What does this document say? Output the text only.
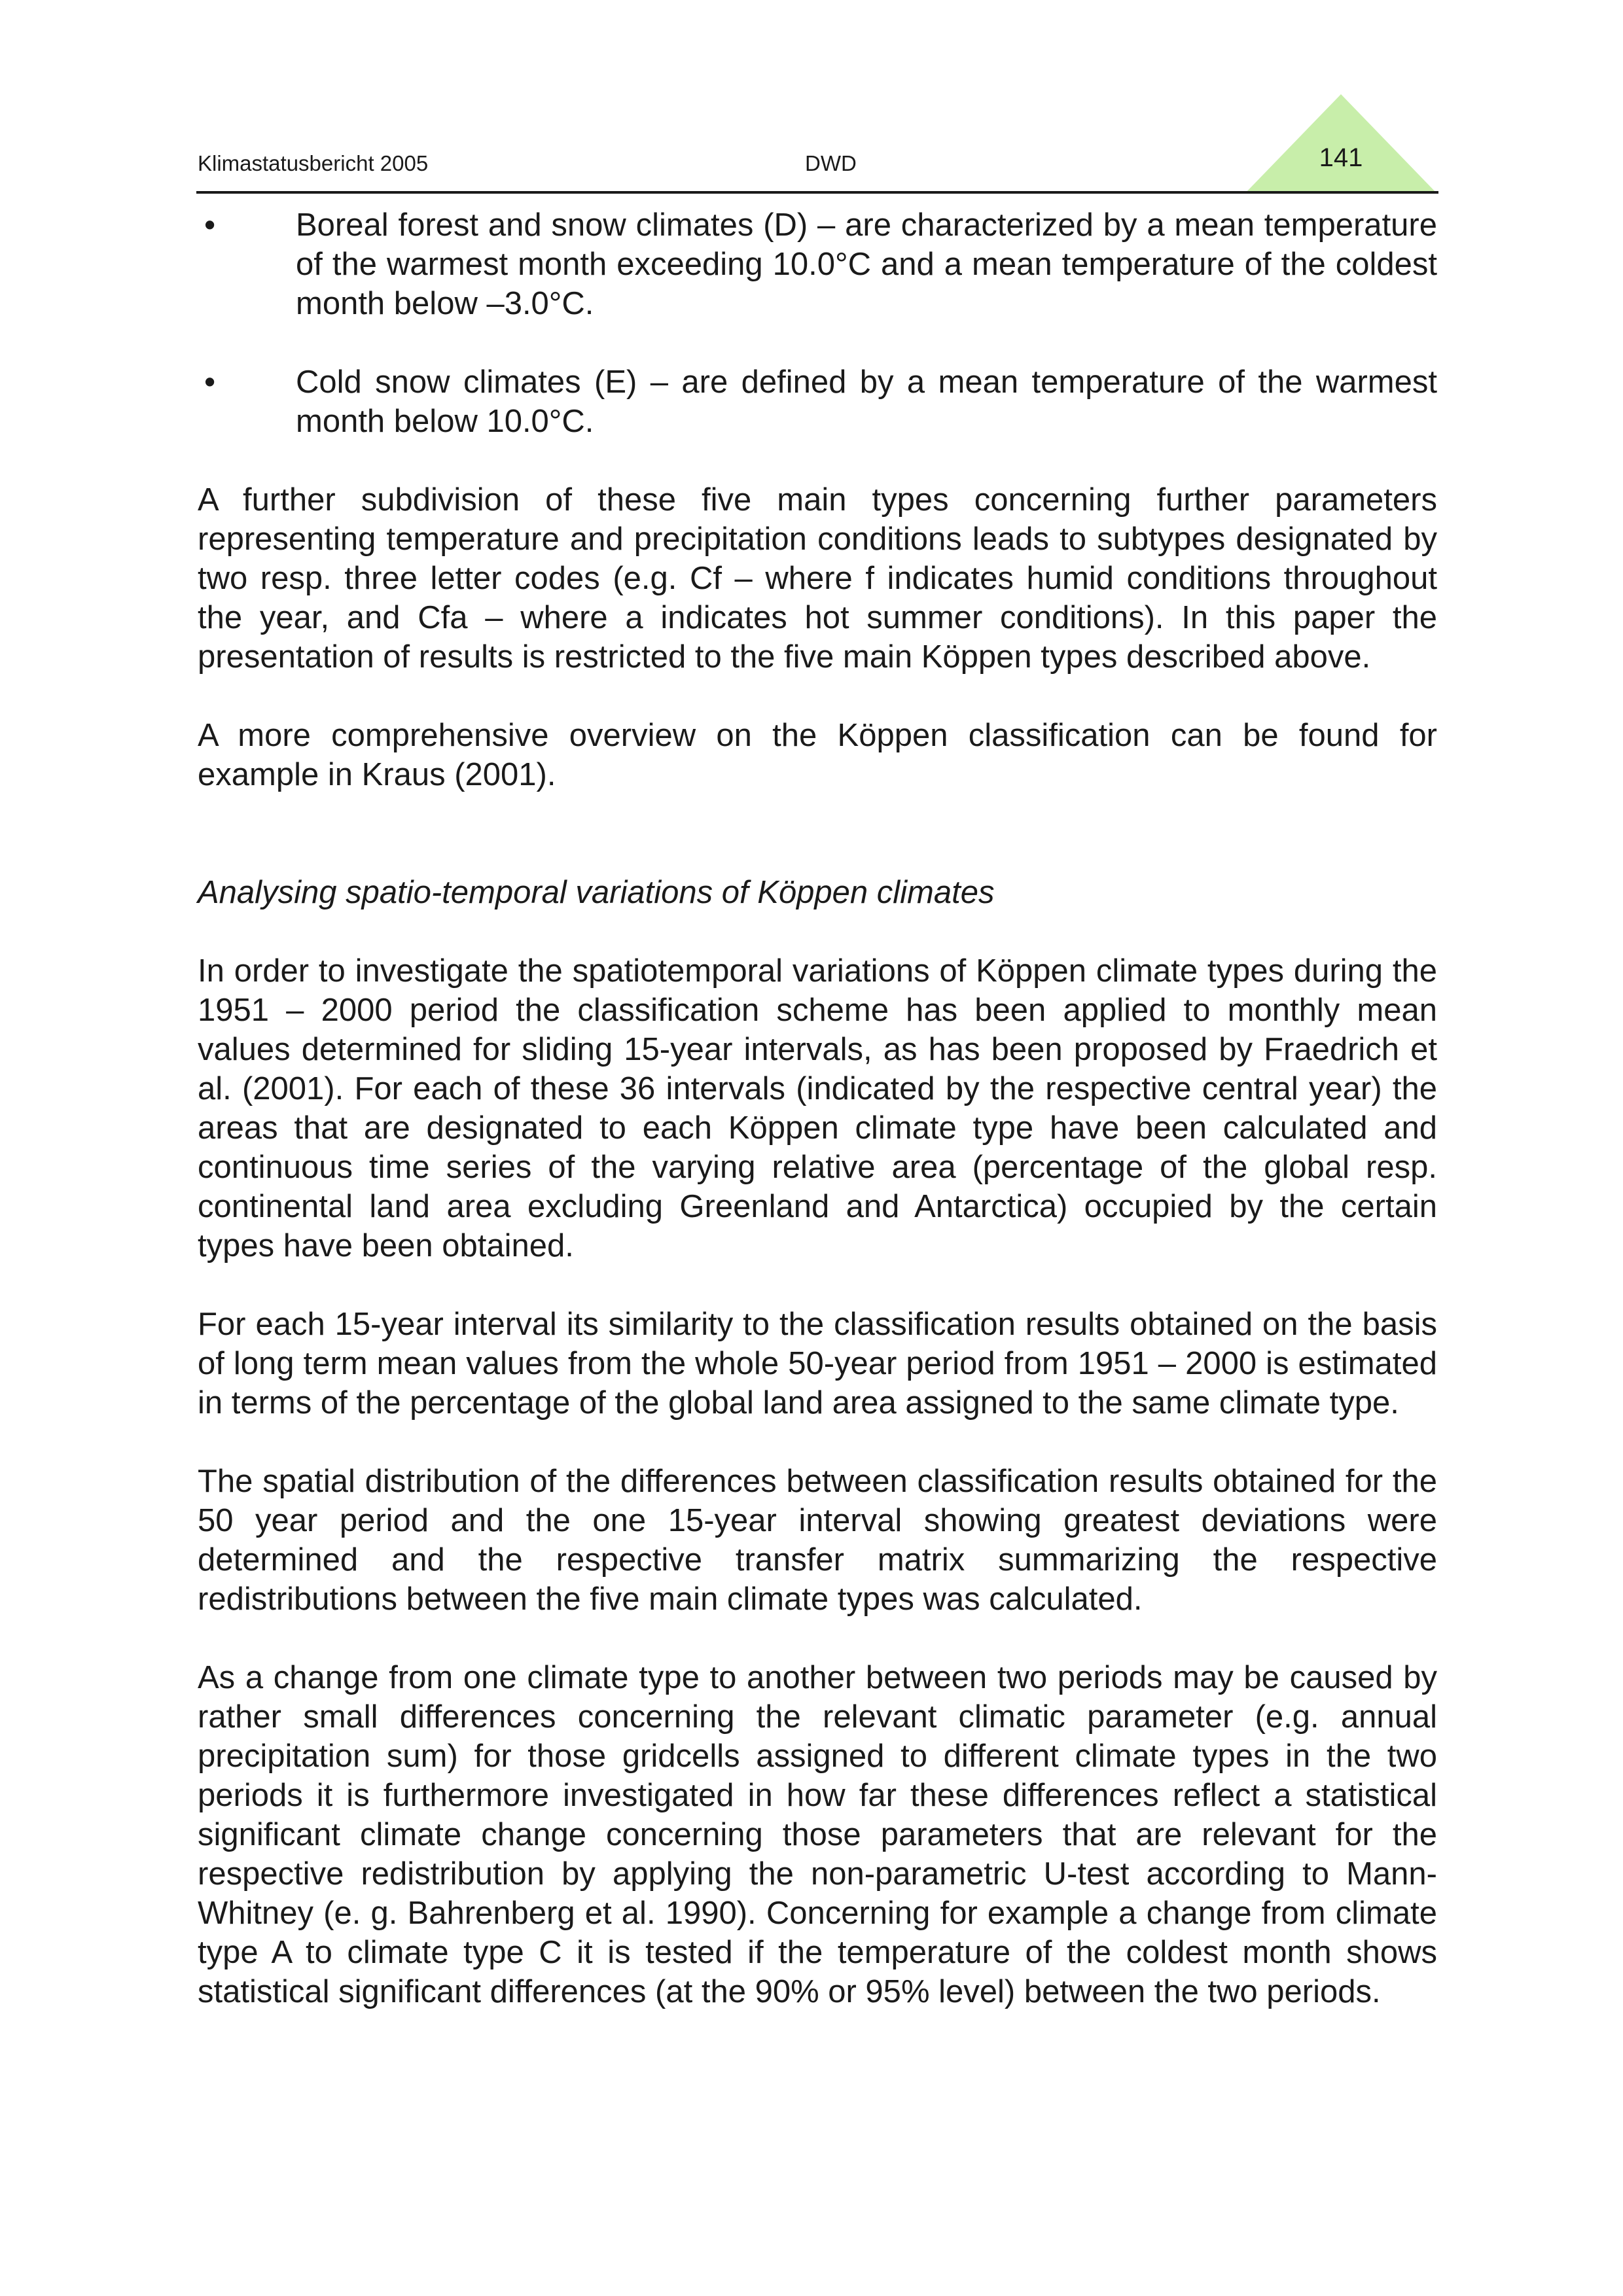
Klimastatusbericht 2005	DWD	141
•	Boreal forest and snow climates (D) – are characterized by a mean temperature of the warmest month exceeding 10.0°C and a mean temperature of the coldest month below –3.0°C.
•	Cold snow climates (E) – are defined by a mean temperature of the warmest month below 10.0°C.

A further subdivision of these five main types concerning further parameters representing temperature and precipitation conditions leads to subtypes designated by two resp. three letter codes (e.g. Cf – where f indicates humid conditions throughout the year, and Cfa – where a indicates hot summer conditions). In this paper the presentation of results is restricted to the five main Köppen types described above.

A more comprehensive overview on the Köppen classification can be found for example in Kraus (2001).

Analysing spatio-temporal variations of Köppen climates

In order to investigate the spatiotemporal variations of Köppen climate types during the 1951 – 2000 period the classification scheme has been applied to monthly mean values determined for sliding 15-year intervals, as has been proposed by Fraedrich et al. (2001). For each of these 36 intervals (indicated by the respective central year) the areas that are designated to each Köppen climate type have been calculated and continuous time series of the varying relative area (percentage of the global resp. continental land area excluding Greenland and Antarctica) occupied by the certain types have been obtained.

For each 15-year interval its similarity to the classification results obtained on the basis of long term mean values from the whole 50-year period from 1951 – 2000 is estimated in terms of the percentage of the global land area assigned to the same climate type.

The spatial distribution of the differences between classification results obtained for the 50 year period and the one 15-year interval showing greatest deviations were determined and the respective transfer matrix summarizing the respective redistributions between the five main climate types was calculated.

As a change from one climate type to another between two periods may be caused by rather small differences concerning the relevant climatic parameter (e.g. annual precipitation sum) for those gridcells assigned to different climate types in the two periods it is furthermore investigated in how far these differences reflect a statistical significant climate change concerning those parameters that are relevant for the respective redistribution by applying the non-parametric U-test according to Mann-Whitney (e. g. Bahrenberg et al. 1990). Concerning for example a change from climate type A to climate type C it is tested if the temperature of the coldest month shows statistical significant differences (at the 90% or 95% level) between the two periods.
